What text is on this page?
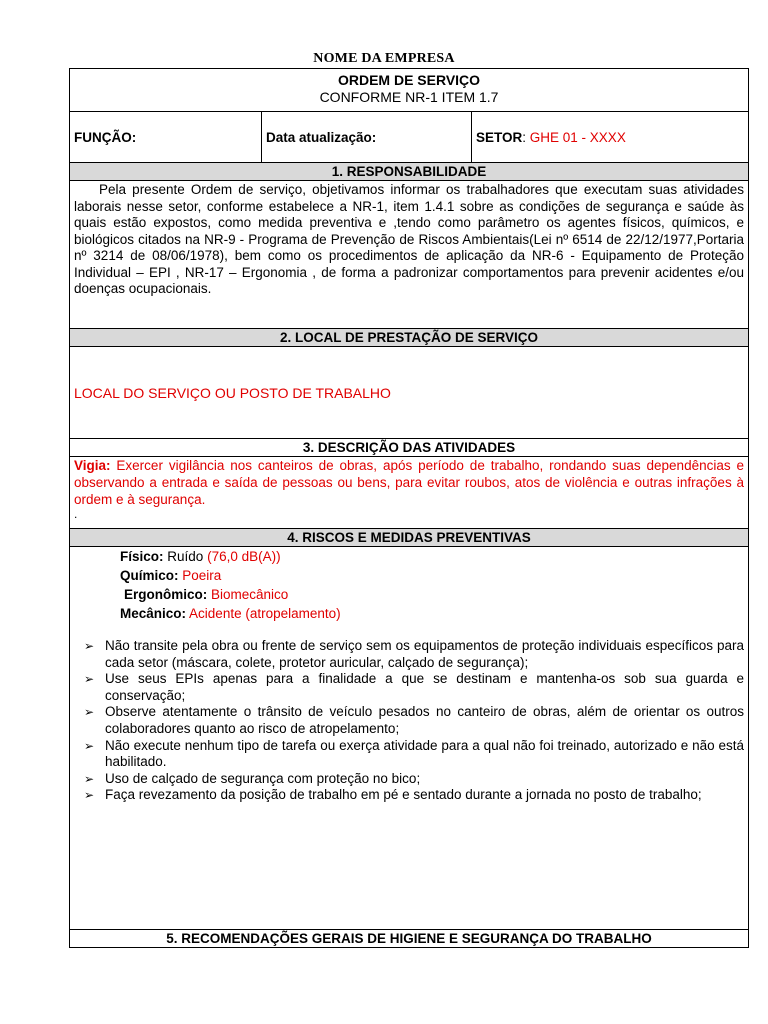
NOME DA EMPRESA
ORDEM DE SERVIÇO
CONFORME NR-1 ITEM 1.7

FUNÇÃO:	Data atualização:	SETOR: GHE 01 - XXXX
1. RESPONSABILIDADE

Pela presente Ordem de serviço, objetivamos informar os trabalhadores que executam suas atividades laborais nesse setor, conforme estabelece a NR-1, item 1.4.1 sobre as condições de segurança e saúde às quais estão expostos, como medida preventiva e ,tendo como parâmetro os agentes físicos, químicos, e biológicos citados na NR-9 - Programa de Prevenção de Riscos Ambientais(Lei nº 6514 de 22/12/1977,Portaria nº 3214 de 08/06/1978), bem como os procedimentos de aplicação da NR-6 - Equipamento de Proteção Individual – EPI , NR-17 – Ergonomia , de forma a padronizar comportamentos para prevenir acidentes e/ou doenças ocupacionais.

2. LOCAL DE PRESTAÇÃO DE SERVIÇO
LOCAL DO SERVIÇO OU POSTO DE TRABALHO
3. DESCRIÇÃO DAS ATIVIDADES

Vigia: Exercer vigilância nos canteiros de obras, após período de trabalho, rondando suas dependências e observando a entrada e saída de pessoas ou bens, para evitar roubos, atos de violência e outras infrações à ordem e à segurança.
.

4. RISCOS E MEDIDAS PREVENTIVAS

Físico: Ruído (76,0 dB(A))
Químico: Poeira
Ergonômico: Biomecânico
Mecânico: Acidente (atropelamento)
➢ Não transite pela obra ou frente de serviço sem os equipamentos de proteção individuais específicos para cada setor (máscara, colete, protetor auricular, calçado de segurança);
➢ Use seus EPIs apenas para a finalidade a que se destinam e mantenha-os sob sua guarda e conservação;
➢ Observe atentamente o trânsito de veículo pesados no canteiro de obras, além de orientar os outros colaboradores quanto ao risco de atropelamento;
➢ Não execute nenhum tipo de tarefa ou exerça atividade para a qual não foi treinado, autorizado e não está habilitado.
➢ Uso de calçado de segurança com proteção no bico;
➢ Faça revezamento da posição de trabalho em pé e sentado durante a jornada no posto de trabalho;

5. RECOMENDAÇÕES GERAIS DE HIGIENE E SEGURANÇA DO TRABALHO
